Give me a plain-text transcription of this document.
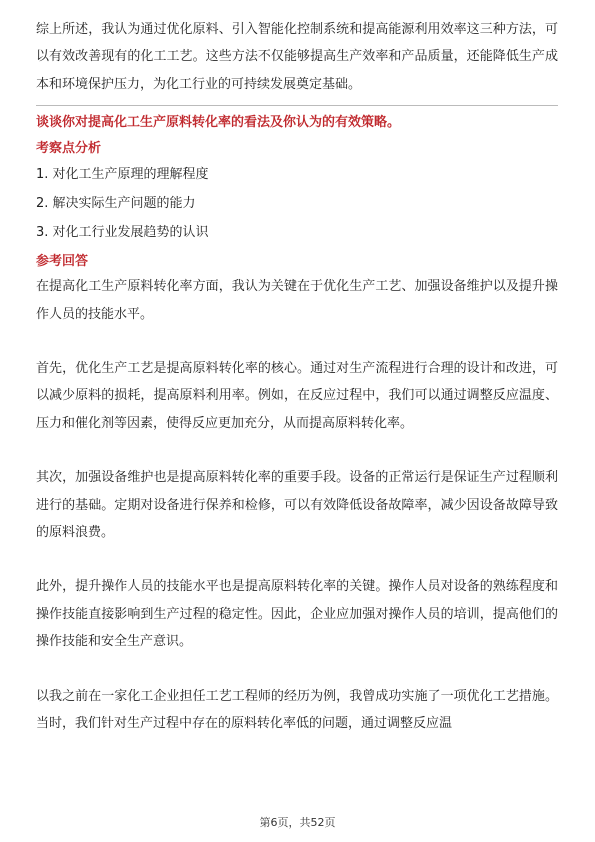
综上所述，我认为通过优化原料、引入智能化控制系统和提高能源利用效率这三种方法，可以有效改善现有的化工工艺。这些方法不仅能够提高生产效率和产品质量，还能降低生产成本和环境保护压力，为化工行业的可持续发展奠定基础。

谈谈你对提高化工生产原料转化率的看法及你认为的有效策略。
考察点分析
1. 对化工生产原理的理解程度
2. 解决实际生产问题的能力
3. 对化工行业发展趋势的认识
参考回答

在提高化工生产原料转化率方面，我认为关键在于优化生产工艺、加强设备维护以及提升操作人员的技能水平。

首先，优化生产工艺是提高原料转化率的核心。通过对生产流程进行合理的设计和改进，可以减少原料的损耗，提高原料利用率。例如，在反应过程中，我们可以通过调整反应温度、压力和催化剂等因素，使得反应更加充分，从而提高原料转化率。

其次，加强设备维护也是提高原料转化率的重要手段。设备的正常运行是保证生产过程顺利进行的基础。定期对设备进行保养和检修，可以有效降低设备故障率，减少因设备故障导致的原料浪费。

此外，提升操作人员的技能水平也是提高原料转化率的关键。操作人员对设备的熟练程度和操作技能直接影响到生产过程的稳定性。因此，企业应加强对操作人员的培训，提高他们的操作技能和安全生产意识。

以我之前在一家化工企业担任工艺工程师的经历为例，我曾成功实施了一项优化工艺措施。当时，我们针对生产过程中存在的原料转化率低的问题，通过调整反应温

第6页，共52页
